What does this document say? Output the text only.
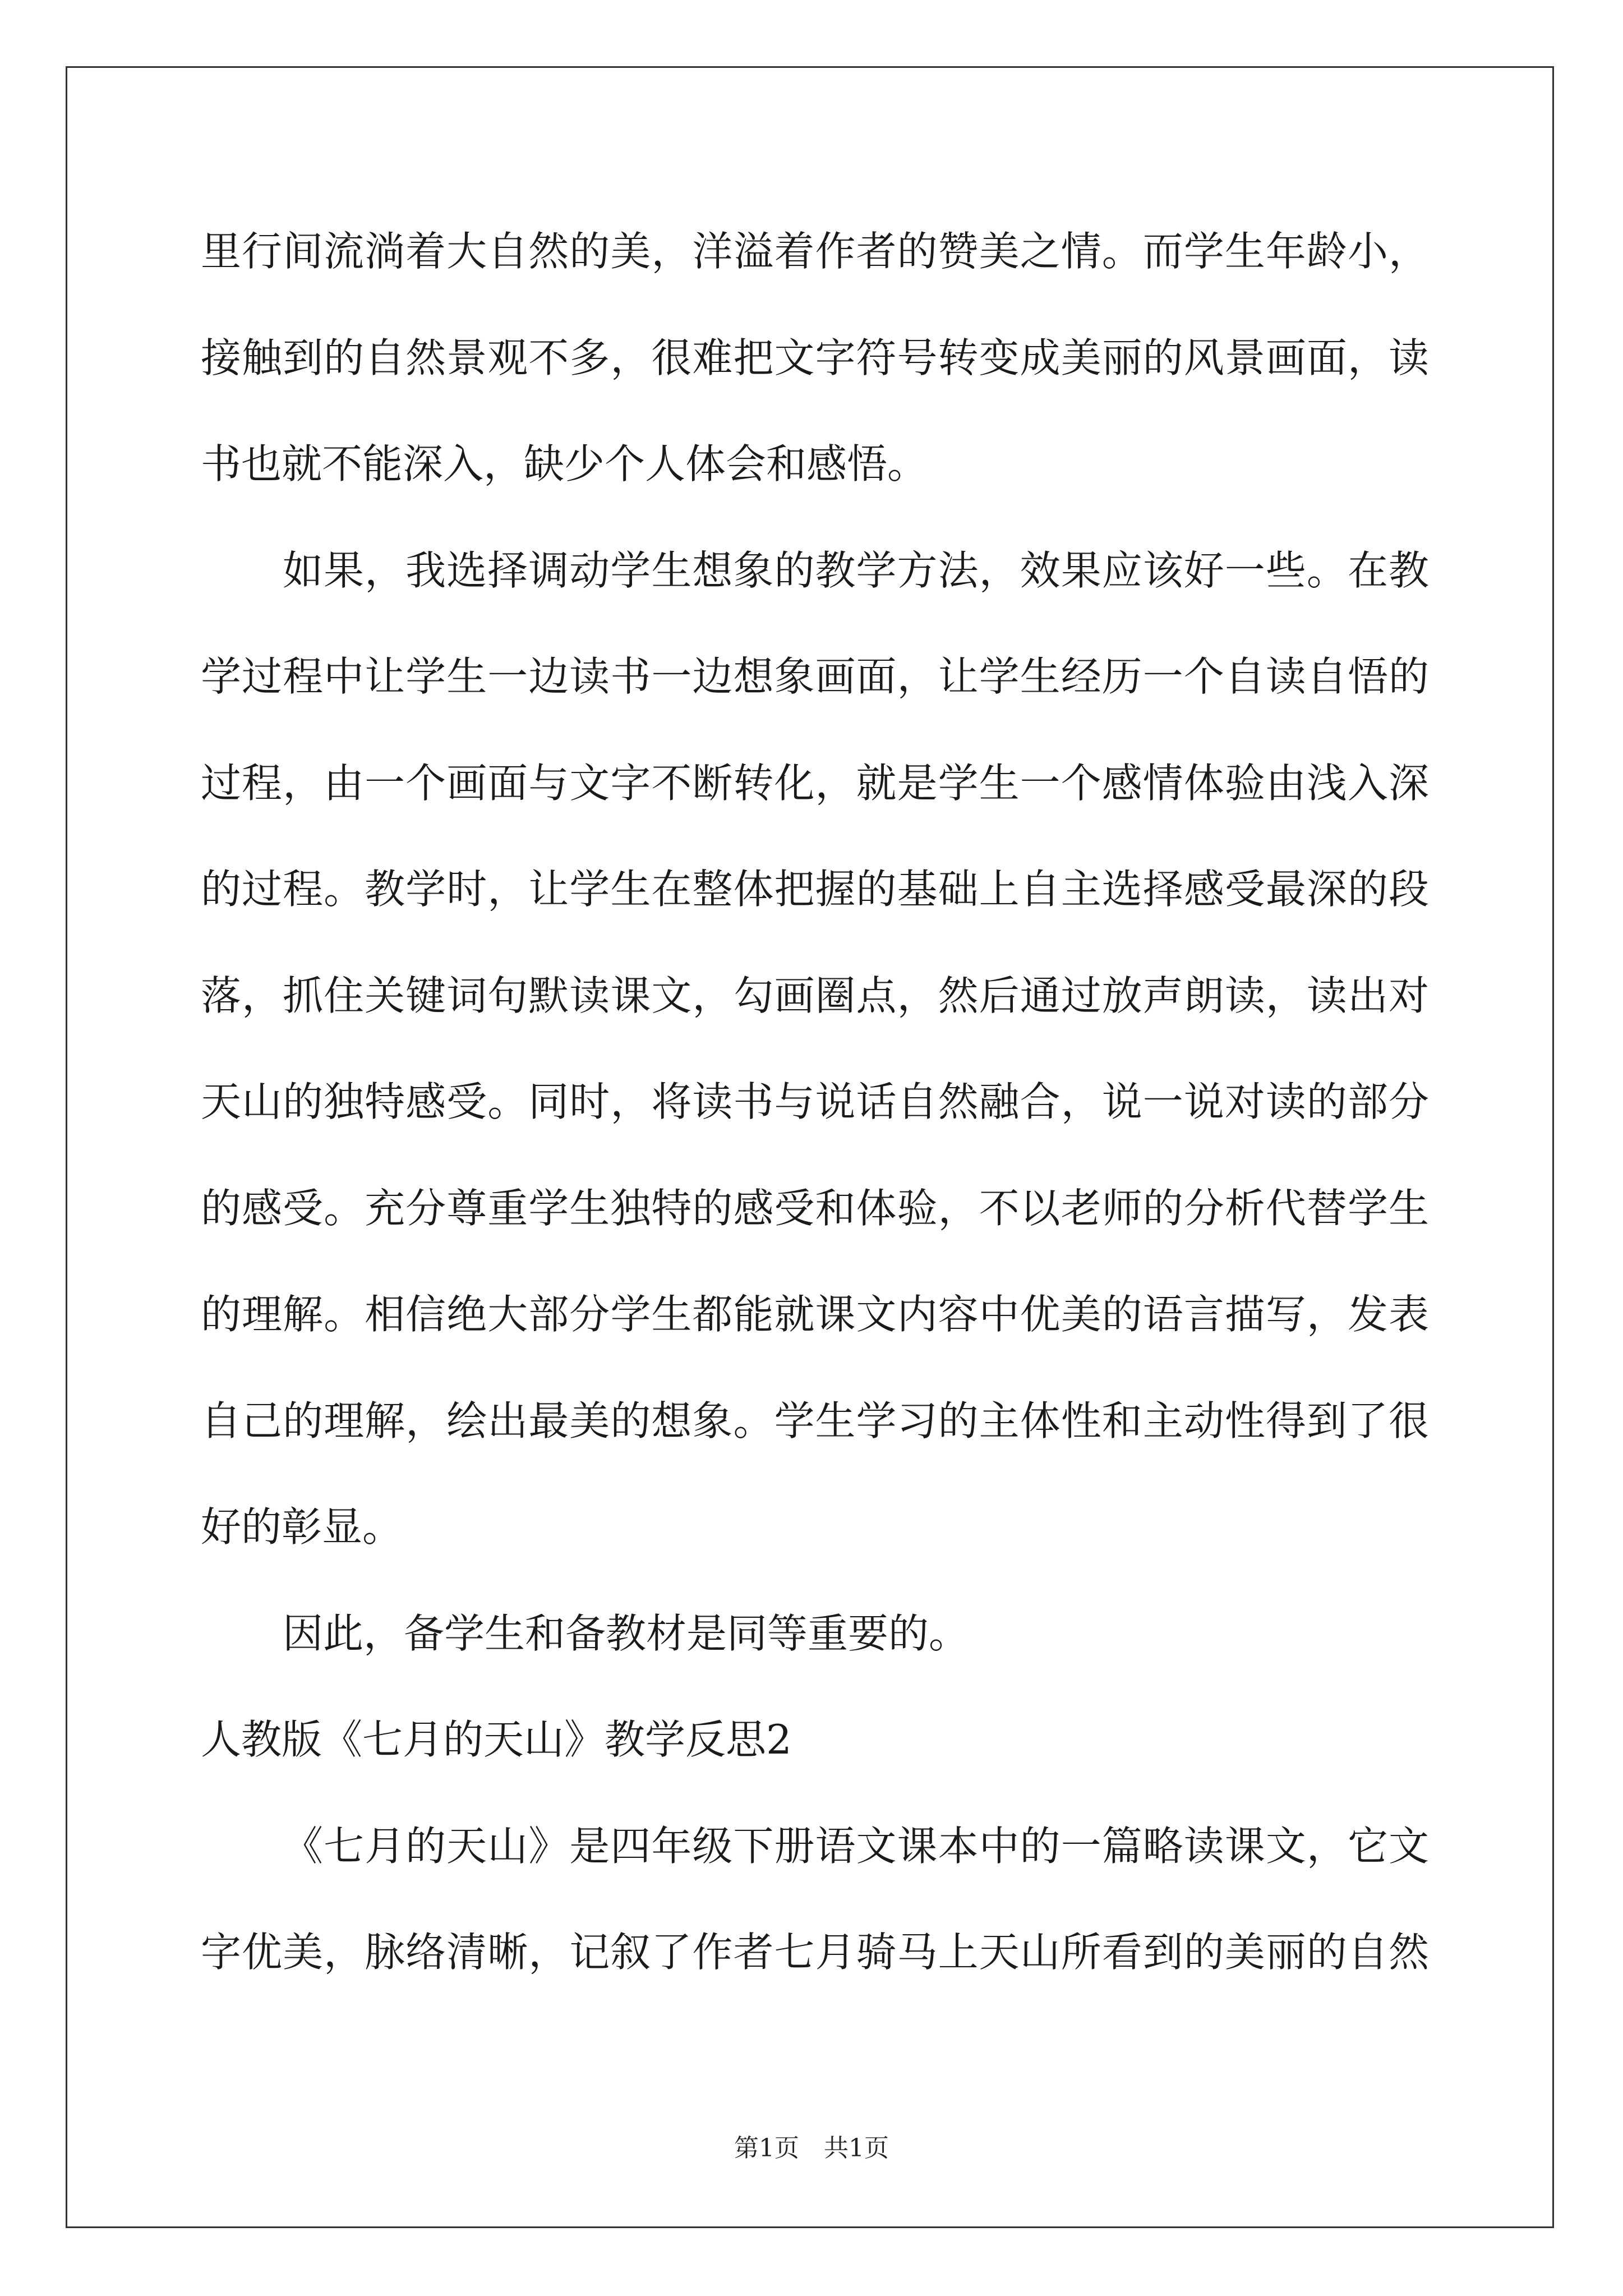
里行间流淌着大自然的美，洋溢着作者的赞美之情。而学生年龄小，
接触到的自然景观不多，很难把文字符号转变成美丽的风景画面，读
书也就不能深入，缺少个人体会和感悟。
如果，我选择调动学生想象的教学方法，效果应该好一些。在教
学过程中让学生一边读书一边想象画面，让学生经历一个自读自悟的
过程，由一个画面与文字不断转化，就是学生一个感情体验由浅入深
的过程。教学时，让学生在整体把握的基础上自主选择感受最深的段
落，抓住关键词句默读课文，勾画圈点，然后通过放声朗读，读出对
天山的独特感受。同时，将读书与说话自然融合，说一说对读的部分
的感受。充分尊重学生独特的感受和体验，不以老师的分析代替学生
的理解。相信绝大部分学生都能就课文内容中优美的语言描写，发表
自己的理解，绘出最美的想象。学生学习的主体性和主动性得到了很
好的彰显。
因此，备学生和备教材是同等重要的。
人教版《七月的天山》教学反思2
《七月的天山》是四年级下册语文课本中的一篇略读课文，它文
字优美，脉络清晰，记叙了作者七月骑马上天山所看到的美丽的自然
第1页　共1页
